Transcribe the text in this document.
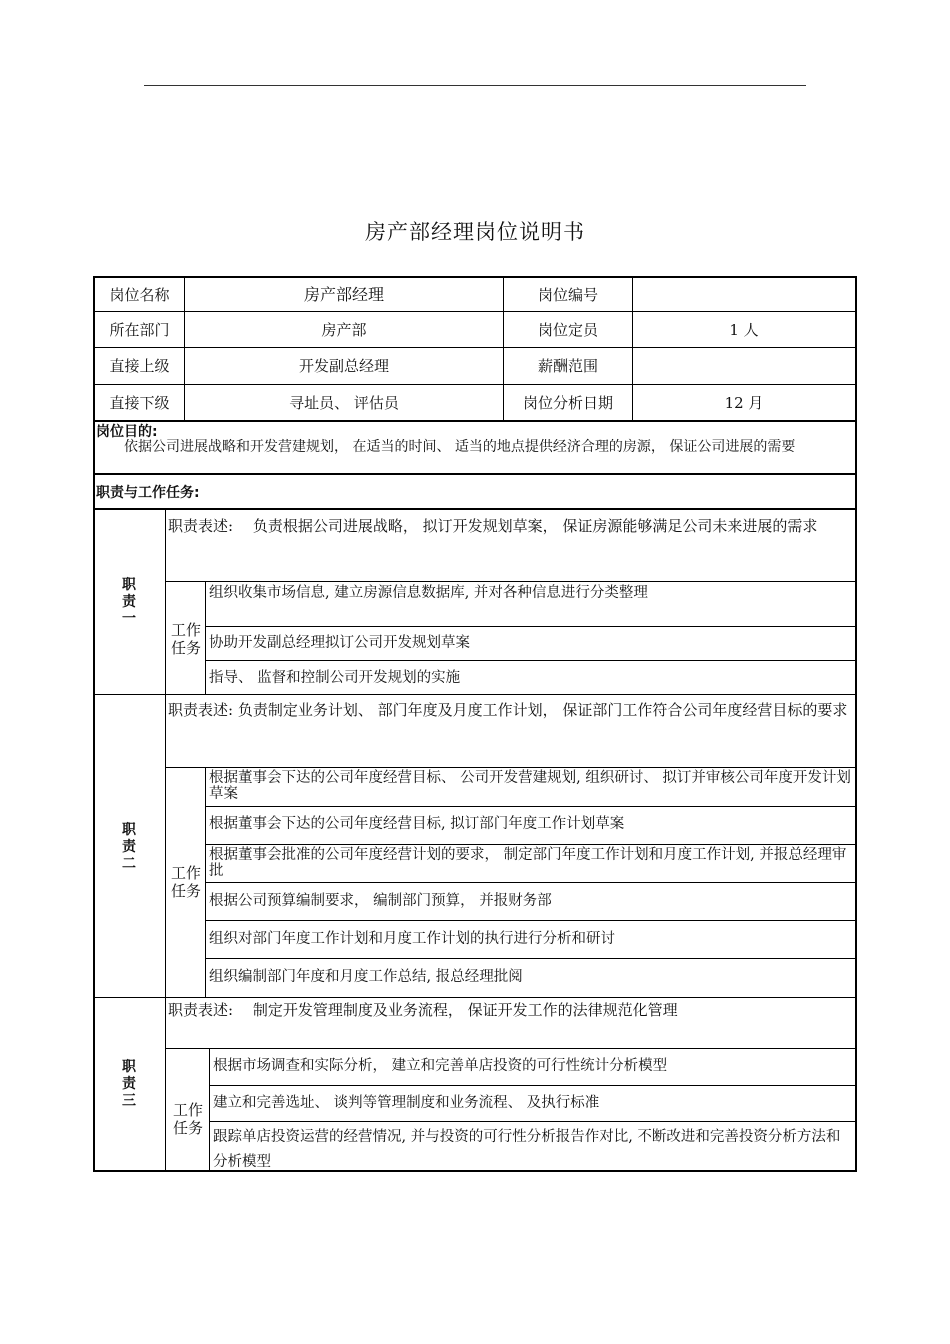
房产部经理岗位说明书
岗位名称	房产部经理	岗位编号
所在部门	房产部	岗位定员	1 人
直接上级	开发副总经理	薪酬范围
直接下级	寻址员、 评估员	岗位分析日期	12 月
岗位目的:
依据公司进展战略和开发营建规划， 在适当的时间、 适当的地点提供经济合理的房源， 保证公司进展的需要
职责与工作任务:
职责一
职责表述:　 负责根据公司进展战略， 拟订开发规划草案， 保证房源能够满足公司未来进展的需求
工作任务
组织收集市场信息, 建立房源信息数据库, 并对各种信息进行分类整理
协助开发副总经理拟订公司开发规划草案
指导、 监督和控制公司开发规划的实施
职责二
职责表述: 负责制定业务计划、 部门年度及月度工作计划， 保证部门工作符合公司年度经营目标的要求
工作任务
根据董事会下达的公司年度经营目标、 公司开发营建规划, 组织研讨、 拟订并审核公司年度开发计划草案
根据董事会下达的公司年度经营目标, 拟订部门年度工作计划草案
根据董事会批准的公司年度经营计划的要求， 制定部门年度工作计划和月度工作计划, 并报总经理审批
根据公司预算编制要求， 编制部门预算， 并报财务部
组织对部门年度工作计划和月度工作计划的执行进行分析和研讨
组织编制部门年度和月度工作总结, 报总经理批阅
职责三
职责表述:　 制定开发管理制度及业务流程， 保证开发工作的法律规范化管理
工作任务
根据市场调查和实际分析， 建立和完善单店投资的可行性统计分析模型
建立和完善选址、 谈判等管理制度和业务流程、 及执行标准
跟踪单店投资运营的经营情况, 并与投资的可行性分析报告作对比, 不断改进和完善投资分析方法和分析模型
